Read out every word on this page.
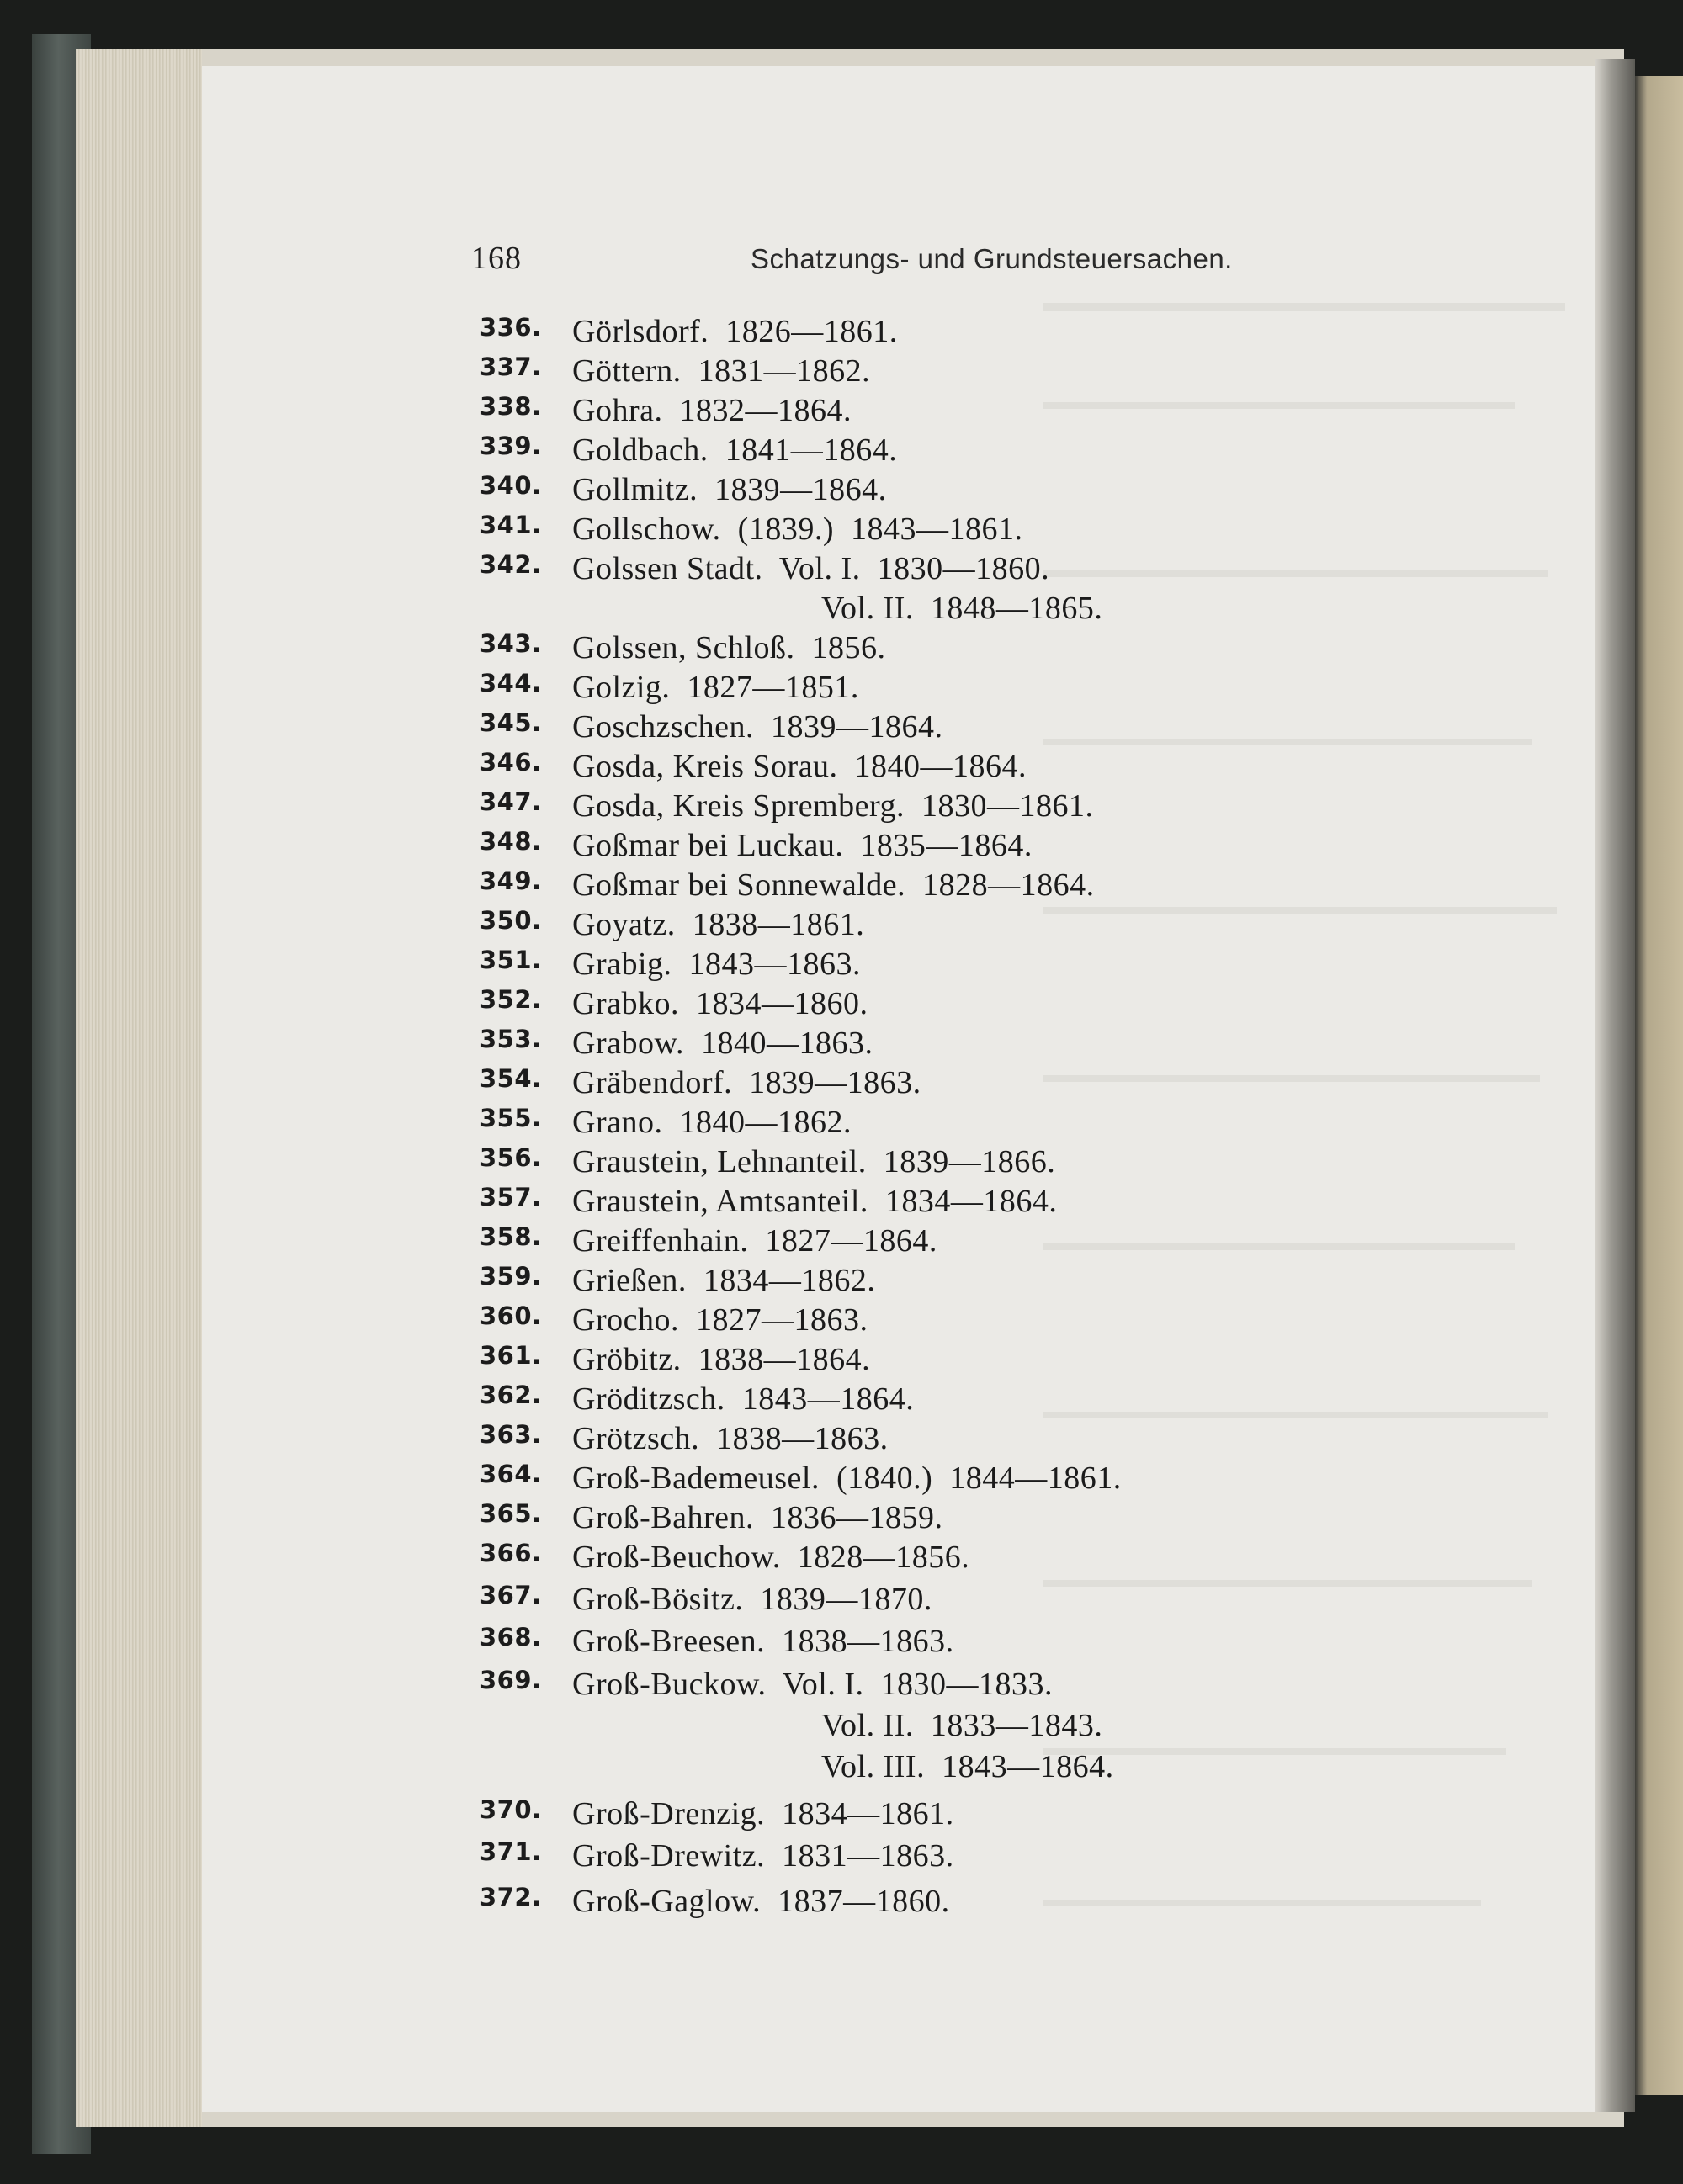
168	Schatzungs- und Grundsteuersachen.
336. Görlsdorf.  1826—1861.
337. Göttern.  1831—1862.
338. Gohra.  1832—1864.
339. Goldbach.  1841—1864.
340. Gollmitz.  1839—1864.
341. Gollschow.  (1839.)  1843—1861.
342. Golssen Stadt.  Vol. I.  1830—1860.
Vol. II.  1848—1865.
343. Golssen, Schloß.  1856.
344. Golzig.  1827—1851.
345. Goschzschen.  1839—1864.
346. Gosda, Kreis Sorau.  1840—1864.
347. Gosda, Kreis Spremberg.  1830—1861.
348. Goßmar bei Luckau.  1835—1864.
349. Goßmar bei Sonnewalde.  1828—1864.
350. Goyatz.  1838—1861.
351. Grabig.  1843—1863.
352. Grabko.  1834—1860.
353. Grabow.  1840—1863.
354. Gräbendorf.  1839—1863.
355. Grano.  1840—1862.
356. Graustein, Lehnanteil.  1839—1866.
357. Graustein, Amtsanteil.  1834—1864.
358. Greiffenhain.  1827—1864.
359. Grießen.  1834—1862.
360. Grocho.  1827—1863.
361. Gröbitz.  1838—1864.
362. Gröditzsch.  1843—1864.
363. Grötzsch.  1838—1863.
364. Groß-Bademeusel.  (1840.)  1844—1861.
365. Groß-Bahren.  1836—1859.
366. Groß-Beuchow.  1828—1856.
367. Groß-Bösitz.  1839—1870.
368. Groß-Breesen.  1838—1863.
369. Groß-Buckow.  Vol. I.  1830—1833.
Vol. II.  1833—1843.
Vol. III.  1843—1864.
370. Groß-Drenzig.  1834—1861.
371. Groß-Drewitz.  1831—1863.
372. Groß-Gaglow.  1837—1860.
